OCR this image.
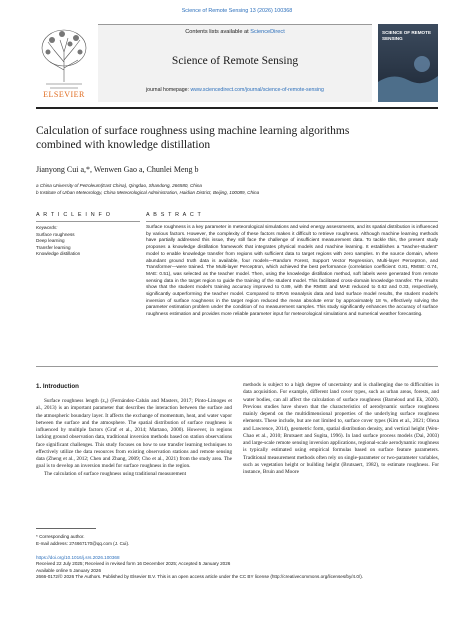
Science of Remote Sensing 13 (2026) 100368
ELSEVIER
Contents lists available at ScienceDirect
Science of Remote Sensing
journal homepage: www.sciencedirect.com/journal/science-of-remote-sensing
SCIENCE OF REMOTE SENSING
Calculation of surface roughness using machine learning algorithms
combined with knowledge distillation
Jianyong Cui a,*, Wenwen Gao a, Chunlei Meng b
a China University of Petroleum(East China), Qingdao, Shandong, 266580, China
b Institute of Urban Meteorology, China Meteorological Administration, Haidian District, Beijing, 100089, China
A R T I C L E I N F O	A B S T R A C T
Keywords:
Surface roughness
Deep learning
Transfer learning
Knowledge distillation
Surface roughness is a key parameter in meteorological simulations and wind energy assessments, and its spatial distribution is influenced by various factors. However, the complexity of these factors makes it difficult to retrieve roughness. Although machine learning methods have partially addressed this issue, they still face the challenge of insufficient measurement data. To tackle this, the present study proposes a knowledge distillation framework that integrates physical models and machine learning. It establishes a "teacher-student" model to enable knowledge transfer from regions with sufficient data to target regions with zero samples. In the source domain, where abundant ground truth data is available, four models—Random Forest, Support Vector Regression, Multi-layer Perceptron, and Transformer—were trained. The Multi-layer Perceptron, which achieved the best performance (correlation coefficient: 0.81, RMSE: 0.74, MAE: 0.51), was selected as the teacher model. Then, using the knowledge distillation method, soft labels were generated from remote sensing data in the target region to guide the training of the student model. This facilitated cross-domain knowledge transfer. The results show that the student model's training accuracy improved to 0.89, with the RMSE and MAE reduced to 0.62 and 0.33, respectively, significantly outperforming the teacher model. Compared to ERA5 reanalysis data and land surface model results, the student model's inversion of surface roughness in the target region reduced the mean absolute error by approximately 18 %, effectively solving the parameter estimation problem under the condition of no measurement samples. This study significantly enhances the accuracy of surface roughness estimation and provides more reliable parameter input for meteorological simulations and numerical weather forecasting.
1. Introduction

Surface roughness length (z₀) (Fernández-Cabán and Masters, 2017; Pinto-Limoges et al., 2013) is an important parameter that describes the interaction between the surface and the atmospheric boundary layer. It affects the exchange of momentum, heat, and water vapor between the surface and the atmosphere. The spatial distribution of surface roughness is influenced by multiple factors (Graf et al., 2014; Martano, 2000). However, in regions lacking ground observation data, traditional inversion methods based on station observations face significant challenges. This study focuses on how to use transfer learning techniques to effectively utilize the data resources from existing observation stations and remote sensing data (Zheng et al., 2012; Chen and Zhang, 2009; Cho et al., 2021) from the study area. The goal is to develop an inversion model for surface roughness in the region.

The calculation of surface roughness using traditional measurement

methods is subject to a high degree of uncertainty and is challenging due to difficulties in data acquisition. For example, different land cover types, such as urban areas, forests, and water bodies, can all affect the calculation of surface roughness (Barnéoud and Ek, 2020). Previous studies have shown that the characteristics of aerodynamic surface roughness mainly depend on the multidimensional properties of the underlying surface roughness elements. These include, but are not limited to, surface cover types (Kim et al., 2021; Olexa and Lawrence, 2014), geometric form, spatial distribution density, and vertical height (Wen-Chao et al., 2010; Brutsaert and Sugita, 1996). In land surface process models (Dai, 2003) and large-scale remote sensing inversion applications, regional-scale aerodynamic roughness is typically estimated using empirical formulas based on surface feature parameters. Traditional measurement methods often rely on single-parameter or two-parameter variables, such as vegetation height or building height (Brutsaert, 1982), to estimate roughness. For instance, Bruin and Moore

* Corresponding author.
E-mail address: 274667170@qq.com (J. Cui).
https://doi.org/10.1016/j.srs.2026.100368
Received 22 July 2025; Received in revised form 16 December 2025; Accepted 5 January 2026
Available online 5 January 2026
2666-0172/© 2026 The Authors. Published by Elsevier B.V. This is an open access article under the CC BY license (http://creativecommons.org/licenses/by/4.0/).
